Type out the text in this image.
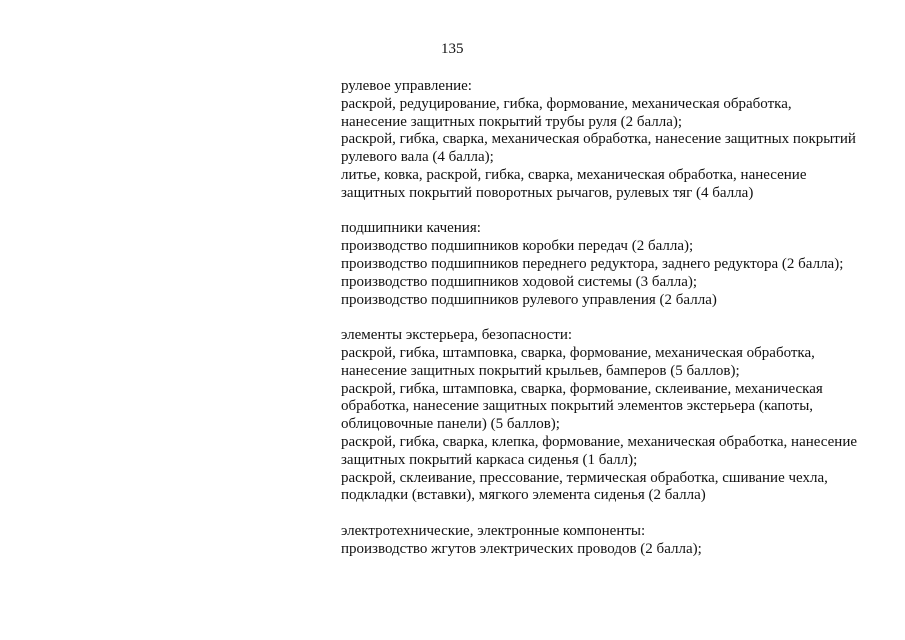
135
рулевое управление:
раскрой, редуцирование, гибка, формование, механическая обработка,
нанесение защитных покрытий трубы руля (2 балла);
раскрой, гибка, сварка, механическая обработка, нанесение защитных покрытий
рулевого вала (4 балла);
литье, ковка, раскрой, гибка, сварка, механическая обработка, нанесение
защитных покрытий поворотных рычагов, рулевых тяг (4 балла)
подшипники качения:
производство подшипников коробки передач (2 балла);
производство подшипников переднего редуктора, заднего редуктора (2 балла);
производство подшипников ходовой системы (3 балла);
производство подшипников рулевого управления (2 балла)
элементы экстерьера, безопасности:
раскрой, гибка, штамповка, сварка, формование, механическая обработка,
нанесение защитных покрытий крыльев, бамперов (5 баллов);
раскрой, гибка, штамповка, сварка, формование, склеивание, механическая
обработка, нанесение защитных покрытий элементов экстерьера (капоты,
облицовочные панели) (5 баллов);
раскрой, гибка, сварка, клепка, формование, механическая обработка, нанесение
защитных покрытий каркаса сиденья (1 балл);
раскрой, склеивание, прессование, термическая обработка, сшивание чехла,
подкладки (вставки), мягкого элемента сиденья (2 балла)
электротехнические, электронные компоненты:
производство жгутов электрических проводов (2 балла);
